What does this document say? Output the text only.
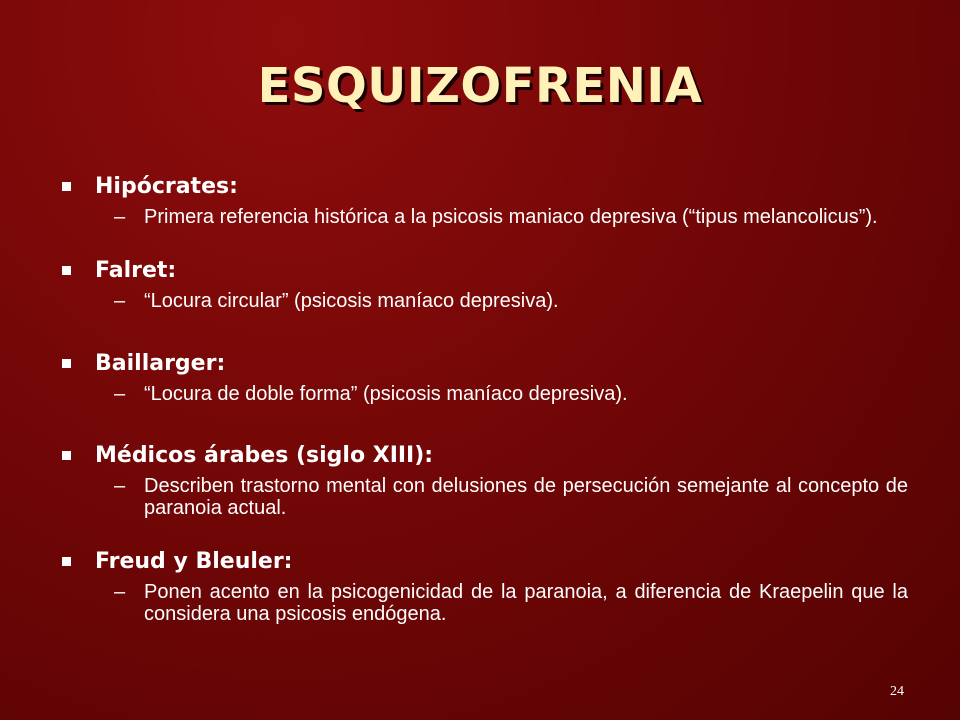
ESQUIZOFRENIA
Hipócrates:
– Primera referencia histórica a la psicosis maniaco depresiva (“tipus melancolicus”).
Falret:
– “Locura circular” (psicosis maníaco depresiva).
Baillarger:
– “Locura de doble forma” (psicosis maníaco depresiva).
Médicos árabes (siglo XIII):
– Describen trastorno mental con delusiones de persecución semejante al concepto de paranoia actual.
Freud y Bleuler:
– Ponen acento en la psicogenicidad de la paranoia, a diferencia de Kraepelin que la considera una psicosis endógena.
24
